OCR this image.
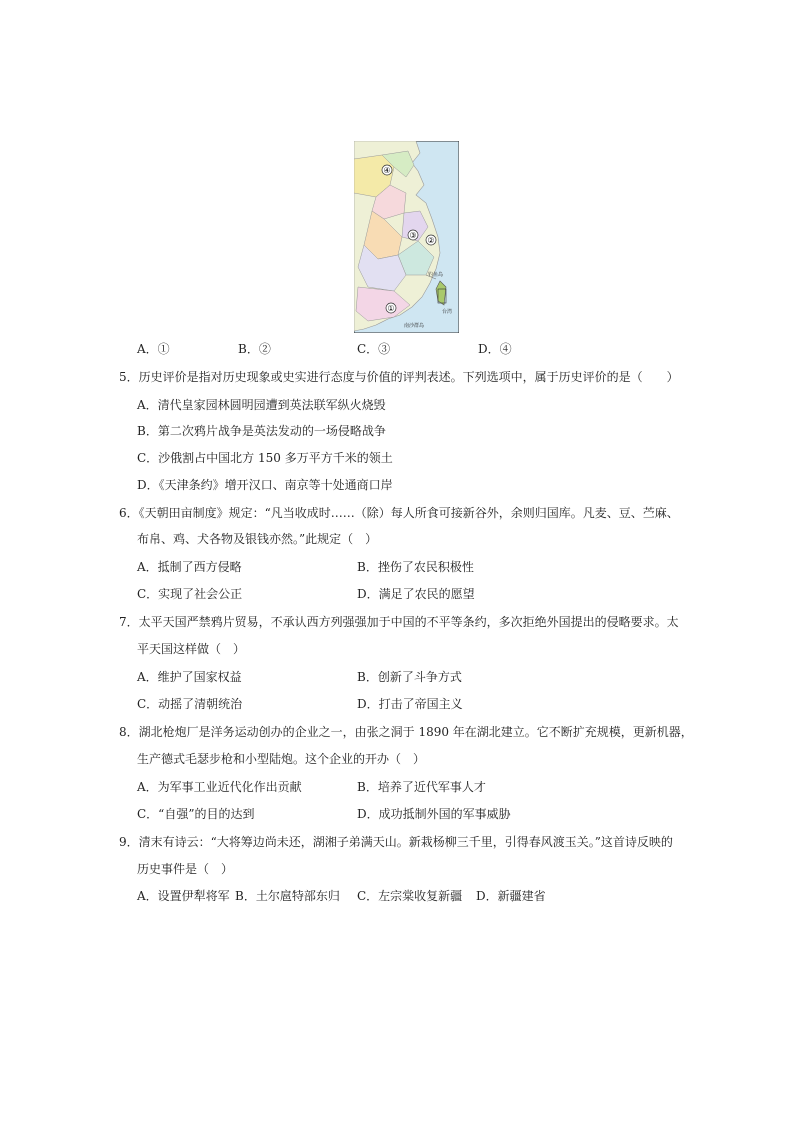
④
③
②
①
钓鱼岛
台湾
南沙群岛
A．①	B．②	C．③	D．④
5．历史评价是指对历史现象或史实进行态度与价值的评判表述。下列选项中，属于历史评价的是（　　）
A．清代皇家园林圆明园遭到英法联军纵火烧毁
B．第二次鸦片战争是英法发动的一场侵略战争
C．沙俄割占中国北方 150 多万平方千米的领土
D．《天津条约》增开汉口、南京等十处通商口岸
6．《天朝田亩制度》规定：“凡当收成时……（除）每人所食可接新谷外，余则归国库。凡麦、豆、苎麻、
布帛、鸡、犬各物及银钱亦然。”此规定（　）
A．抵制了西方侵略	B．挫伤了农民积极性
C．实现了社会公正	D．满足了农民的愿望
7．太平天国严禁鸦片贸易，不承认西方列强强加于中国的不平等条约，多次拒绝外国提出的侵略要求。太
平天国这样做（　）
A．维护了国家权益	B．创新了斗争方式
C．动摇了清朝统治	D．打击了帝国主义
8．湖北枪炮厂是洋务运动创办的企业之一，由张之洞于 1890 年在湖北建立。它不断扩充规模，更新机器，
生产德式毛瑟步枪和小型陆炮。这个企业的开办（　）
A．为军事工业近代化作出贡献	B．培养了近代军事人才
C．“自强”的目的达到	D．成功抵制外国的军事威胁
9．清末有诗云：“大将筹边尚未还，湖湘子弟满天山。新栽杨柳三千里，引得春风渡玉关。”这首诗反映的
历史事件是（　）
A．设置伊犁将军 B．土尔扈特部东归 C．左宗棠收复新疆 D．新疆建省
